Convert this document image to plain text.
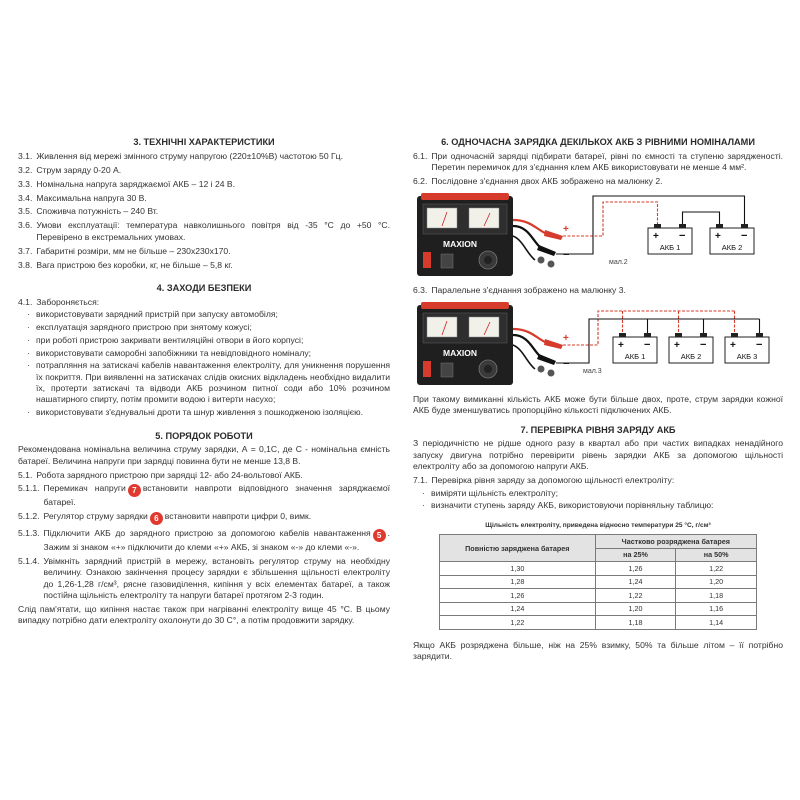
3. ТЕХНІЧНІ ХАРАКТЕРИСТИКИ
3.1. Живлення від мережі змінного струму напругою (220±10%В) частотою 50 Гц.
3.2. Струм заряду 0-20 А.
3.3. Номінальна напруга заряджаємої АКБ – 12 і 24 В.
3.4. Максимальна напруга 30 В.
3.5. Споживча потужність – 240 Вт.
3.6. Умови експлуатації: температура навколишнього повітря від -35 °С до +50 °С. Перевірено в екстремальних умовах.
3.7. Габаритні розміри, мм не більше – 230х230х170.
3.8. Вага пристрою без коробки, кг, не більше – 5,8 кг.
4. ЗАХОДИ БЕЗПЕКИ
4.1. Забороняється:
· використовувати зарядний пристрій при запуску автомобіля;
· експлуатація зарядного пристрою при знятому кожусі;
· при роботі пристрою закривати вентиляційні отвори в його корпусі;
· використовувати саморобні запобіжники та невідповідного номіналу;
· потрапляння на затискачі кабелів навантаження електроліту, для уникнення порушення їх покриття. При виявленні на затискачах слідів окисних відкладень необхідно видалити їх, протерти затискачі та відводи АКБ розчином питної соди або 10% розчином нашатирного спирту, потім промити водою і витерти насухо;
· використовувати з'єднувальні дроти та шнур живлення з пошкодженою ізоляцією.
5. ПОРЯДОК РОБОТИ
Рекомендована номінальна величина струму зарядки, А = 0,1С, де С - номінальна ємність батареї. Величина напруги при зарядці повинна бути не менше 13,8 В.
5.1. Робота зарядного пристрою при зарядці 12- або 24-вольтової АКБ.
5.1.1. Перемикач напруги 7 встановити навпроти відповідного значення заряджаємої батареї.
5.1.2. Регулятор струму зарядки 6 встановити навпроти цифри 0, вимк.
5.1.3. Підключити АКБ до зарядного пристрою за допомогою кабелів навантаження 5 . Зажим зі знаком «+» підключити до клеми «+» АКБ, зі знаком «-» до клеми «-».
5.1.4. Увімкніть зарядний пристрій в мережу, встановіть регулятор струму на необхідну величину. Ознакою закінчення процесу зарядки є збільшення щільності електроліту до 1,26-1,28 г/см³, рясне газовиділення, кипіння у всіх елементах батареї, а також постійна щільність електроліту та напруги батареї протягом 2-3 годин.
Слід пам'ятати, що кипіння настає також при нагріванні електроліту вище 45 °С. В цьому випадку потрібно дати електроліту охолонути до 30 С°, а потім продовжити зарядку.
6. ОДНОЧАСНА ЗАРЯДКА ДЕКІЛЬКОХ АКБ З РІВНИМИ НОМІНАЛАМИ
6.1. При одночасній зарядці підбирати батареї, рівні по ємності та ступеню зарядженості. Перетин перемичок для з'єднання клем АКБ використовувати не менше 4 мм².
6.2. Послідовне з'єднання двох АКБ зображено на малюнку 2.
MAXION
+
−
+ −
АКБ 1
+ −
АКБ 2
мал.2
6.3. Паралельне з'єднання зображено на малюнку 3.
MAXION
+
−
+ −
АКБ 1
+ −
АКБ 2
+ −
АКБ 3
мал.3
При такому вимиканні кількість АКБ може бути більше двох, проте, струм зарядки кожної АКБ буде зменшуватись пропорційно кількості підключених АКБ.
7. ПЕРЕВІРКА РІВНЯ ЗАРЯДУ АКБ
З періодичністю не рідше одного разу в квартал або при частих випадках ненадійного запуску двигуна потрібно перевірити рівень зарядки АКБ за допомогою щільності електроліту або за допомогою напруги АКБ.
7.1. Перевірка рівня заряду за допомогою щільності електроліту:
· виміряти щільність електроліту;
· визначити ступень заряду АКБ, використовуючи порівняльну таблицю:
Щільність електроліту, приведена відносно температури 25 °С, г/см³
Повністю заряджена батарея	Частково розряджена батарея	
	на 25%	на 50%
1,30	1,26	1,22
1,28	1,24	1,20
1,26	1,22	1,18
1,24	1,20	1,16
1,22	1,18	1,14
Якщо АКБ розряджена більше, ніж на 25% взимку, 50% та більше літом – її потрібно зарядити.
